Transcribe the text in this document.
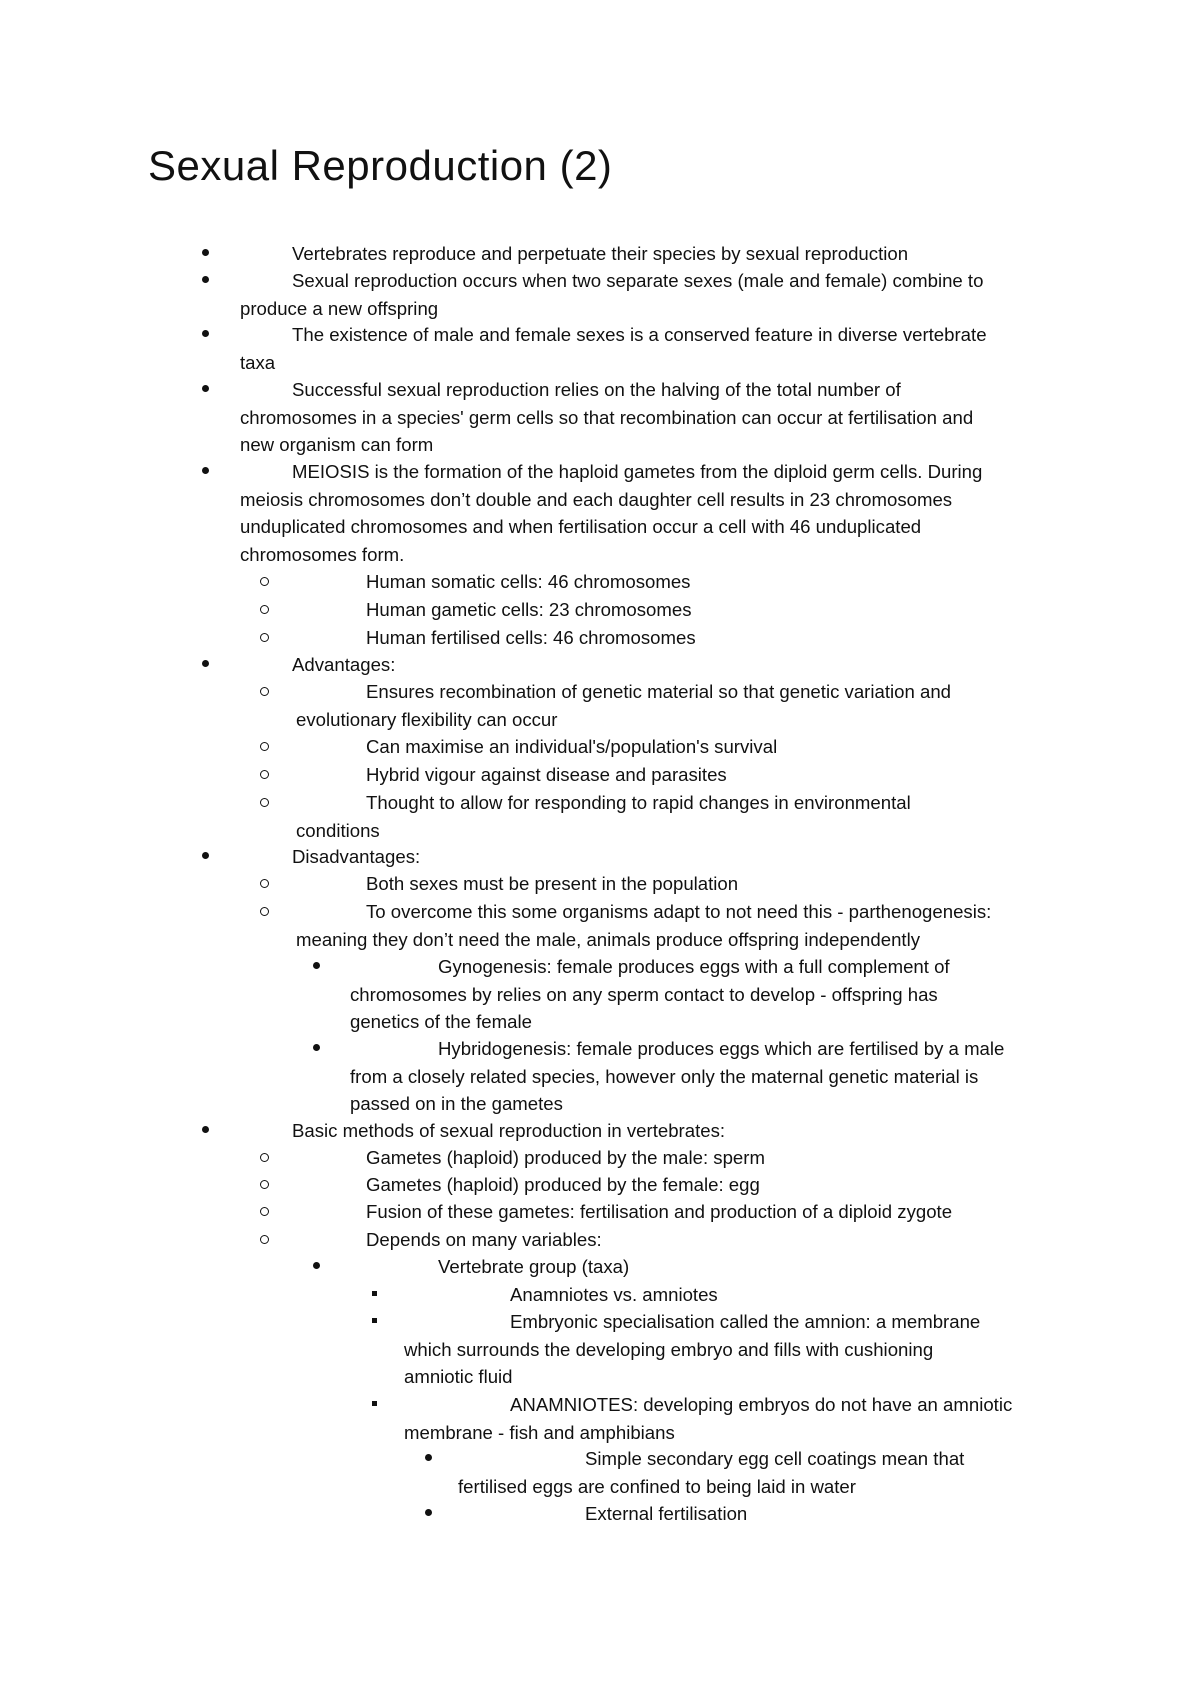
Sexual Reproduction (2)
Vertebrates reproduce and perpetuate their species by sexual reproduction
Sexual reproduction occurs when two separate sexes (male and female) combine to
produce a new offspring
The existence of male and female sexes is a conserved feature in diverse vertebrate
taxa
Successful sexual reproduction relies on the halving of the total number of
chromosomes in a species' germ cells so that recombination can occur at fertilisation and
new organism can form
MEIOSIS is the formation of the haploid gametes from the diploid germ cells. During
meiosis chromosomes don’t double and each daughter cell results in 23 chromosomes
unduplicated chromosomes and when fertilisation occur a cell with 46 unduplicated
chromosomes form.
Human somatic cells: 46 chromosomes
Human gametic cells: 23 chromosomes
Human fertilised cells: 46 chromosomes
Advantages:
Ensures recombination of genetic material so that genetic variation and
evolutionary flexibility can occur
Can maximise an individual's/population's survival
Hybrid vigour against disease and parasites
Thought to allow for responding to rapid changes in environmental
conditions
Disadvantages:
Both sexes must be present in the population
To overcome this some organisms adapt to not need this - parthenogenesis:
meaning they don’t need the male, animals produce offspring independently
Gynogenesis: female produces eggs with a full complement of
chromosomes by relies on any sperm contact to develop - offspring has
genetics of the female
Hybridogenesis: female produces eggs which are fertilised by a male
from a closely related species, however only the maternal genetic material is
passed on in the gametes
Basic methods of sexual reproduction in vertebrates:
Gametes (haploid) produced by the male: sperm
Gametes (haploid) produced by the female: egg
Fusion of these gametes: fertilisation and production of a diploid zygote
Depends on many variables:
Vertebrate group (taxa)
Anamniotes vs. amniotes
Embryonic specialisation called the amnion: a membrane
which surrounds the developing embryo and fills with cushioning
amniotic fluid
ANAMNIOTES: developing embryos do not have an amniotic
membrane - fish and amphibians
Simple secondary egg cell coatings mean that
fertilised eggs are confined to being laid in water
External fertilisation
